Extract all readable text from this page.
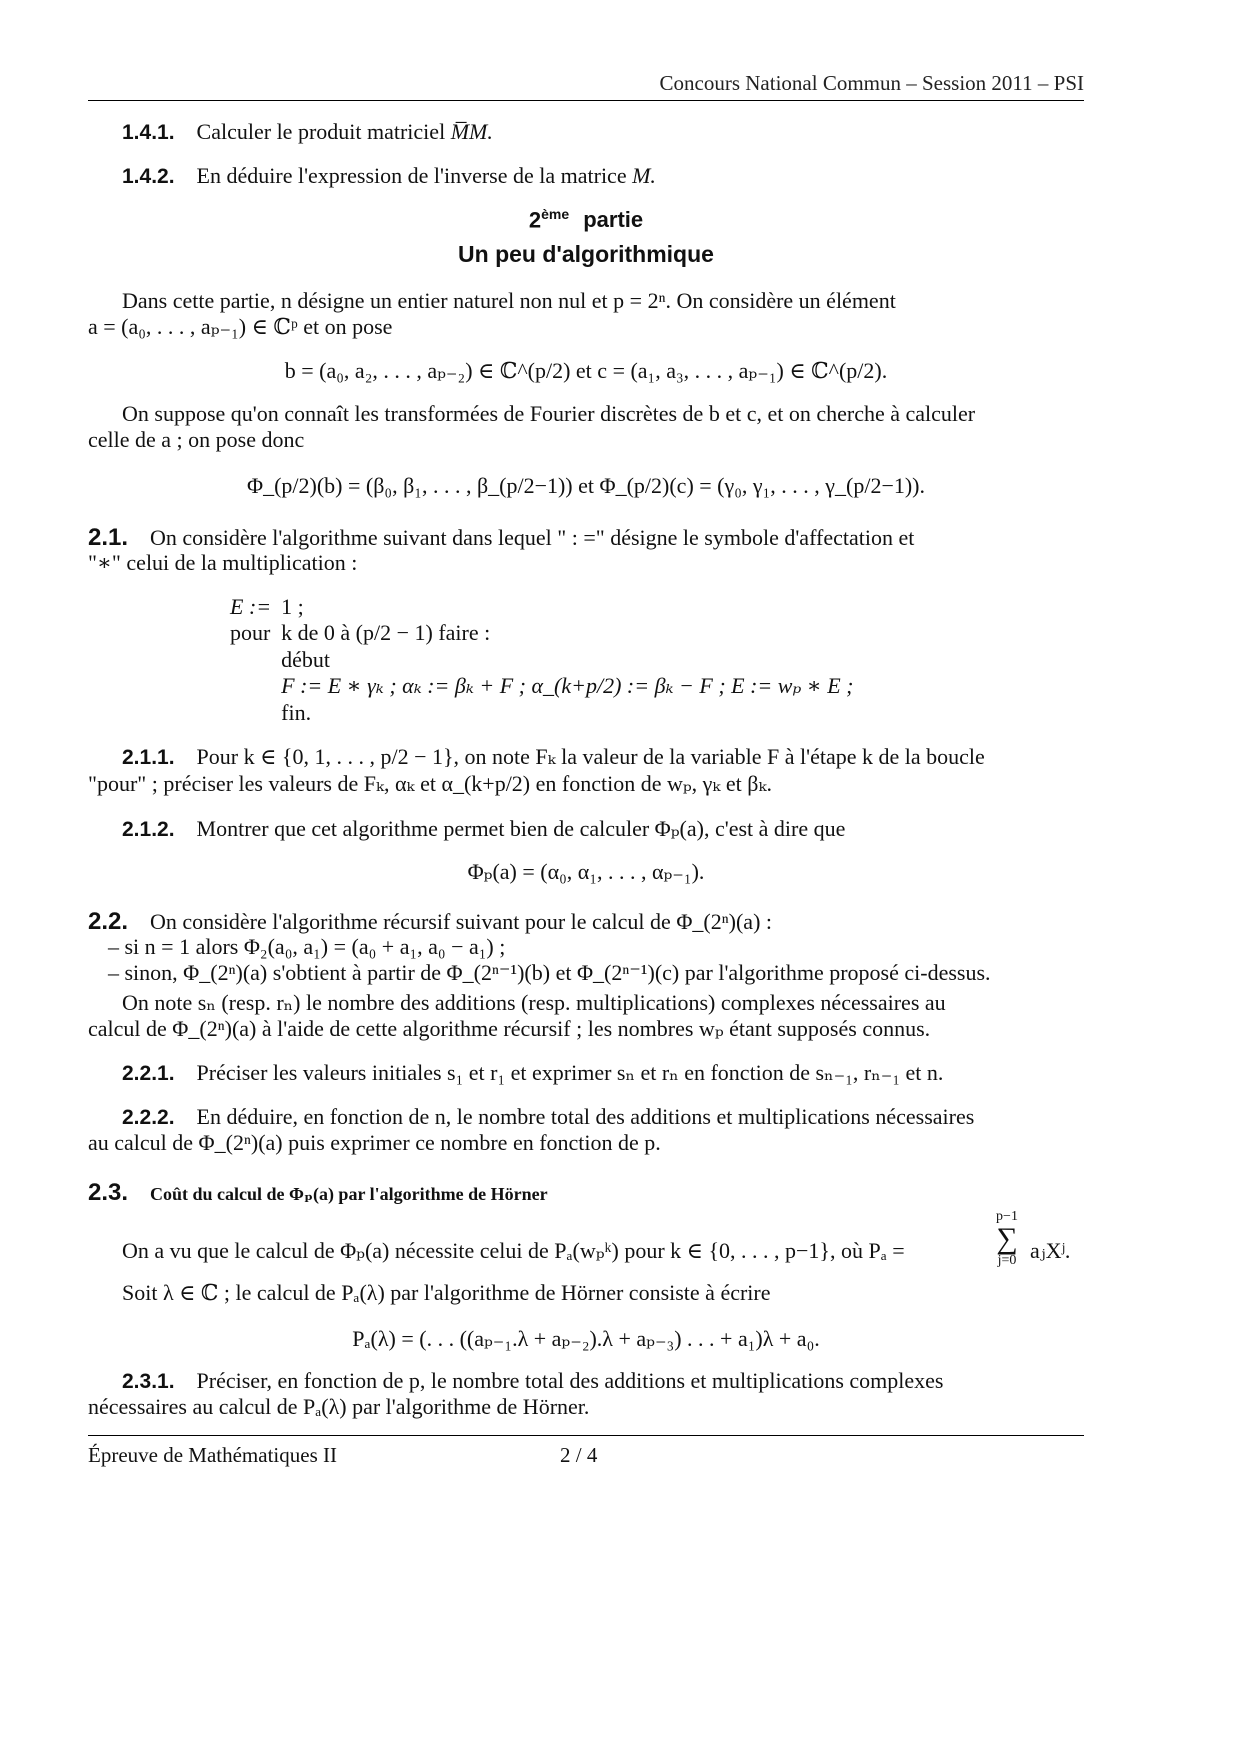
Concours National Commun – Session 2011 – PSI
1.4.1. Calculer le produit matriciel M̅M.
1.4.2. En déduire l'expression de l'inverse de la matrice M.
2ème partie
Un peu d'algorithmique
Dans cette partie, n désigne un entier naturel non nul et p = 2ⁿ. On considère un élément
a = (a₀, . . . , aₚ₋₁) ∈ ℂᵖ et on pose
b = (a₀, a₂, . . . , aₚ₋₂) ∈ ℂ^(p/2) et c = (a₁, a₃, . . . , aₚ₋₁) ∈ ℂ^(p/2).
On suppose qu'on connaît les transformées de Fourier discrètes de b et c, et on cherche à calculer
celle de a ; on pose donc
Φ_(p/2)(b) = (β₀, β₁, . . . , β_(p/2−1)) et Φ_(p/2)(c) = (γ₀, γ₁, . . . , γ_(p/2−1)).
2.1. On considère l'algorithme suivant dans lequel " : =" désigne le symbole d'affectation et
"∗" celui de la multiplication :
E :=	1 ;
pour	k de 0 à (p/2 − 1) faire :
	début
	F := E ∗ γₖ ; αₖ := βₖ + F ; α_(k+p/2) := βₖ − F ; E := wₚ ∗ E ;
	fin.
2.1.1. Pour k ∈ {0, 1, . . . , p/2 − 1}, on note Fₖ la valeur de la variable F à l'étape k de la boucle
"pour" ; préciser les valeurs de Fₖ, αₖ et α_(k+p/2) en fonction de wₚ, γₖ et βₖ.
2.1.2. Montrer que cet algorithme permet bien de calculer Φₚ(a), c'est à dire que
Φₚ(a) = (α₀, α₁, . . . , αₚ₋₁).
2.2. On considère l'algorithme récursif suivant pour le calcul de Φ_(2ⁿ)(a) :
– si n = 1 alors Φ₂(a₀, a₁) = (a₀ + a₁, a₀ − a₁) ;
– sinon, Φ_(2ⁿ)(a) s'obtient à partir de Φ_(2ⁿ⁻¹)(b) et Φ_(2ⁿ⁻¹)(c) par l'algorithme proposé ci-dessus.
On note sₙ (resp. rₙ) le nombre des additions (resp. multiplications) complexes nécessaires au
calcul de Φ_(2ⁿ)(a) à l'aide de cette algorithme récursif ; les nombres wₚ étant supposés connus.
2.2.1. Préciser les valeurs initiales s₁ et r₁ et exprimer sₙ et rₙ en fonction de sₙ₋₁, rₙ₋₁ et n.
2.2.2. En déduire, en fonction de n, le nombre total des additions et multiplications nécessaires
au calcul de Φ_(2ⁿ)(a) puis exprimer ce nombre en fonction de p.
2.3. Coût du calcul de Φₚ(a) par l'algorithme de Hörner
On a vu que le calcul de Φₚ(a) nécessite celui de Pₐ(wₚᵏ) pour k ∈ {0, . . . , p−1}, où Pₐ =
p−1
∑
j=0 aⱼXʲ.
Soit λ ∈ ℂ ; le calcul de Pₐ(λ) par l'algorithme de Hörner consiste à écrire
Pₐ(λ) = (. . . ((aₚ₋₁.λ + aₚ₋₂).λ + aₚ₋₃) . . . + a₁)λ + a₀.
2.3.1. Préciser, en fonction de p, le nombre total des additions et multiplications complexes
nécessaires au calcul de Pₐ(λ) par l'algorithme de Hörner.
Épreuve de Mathématiques II	2 / 4
